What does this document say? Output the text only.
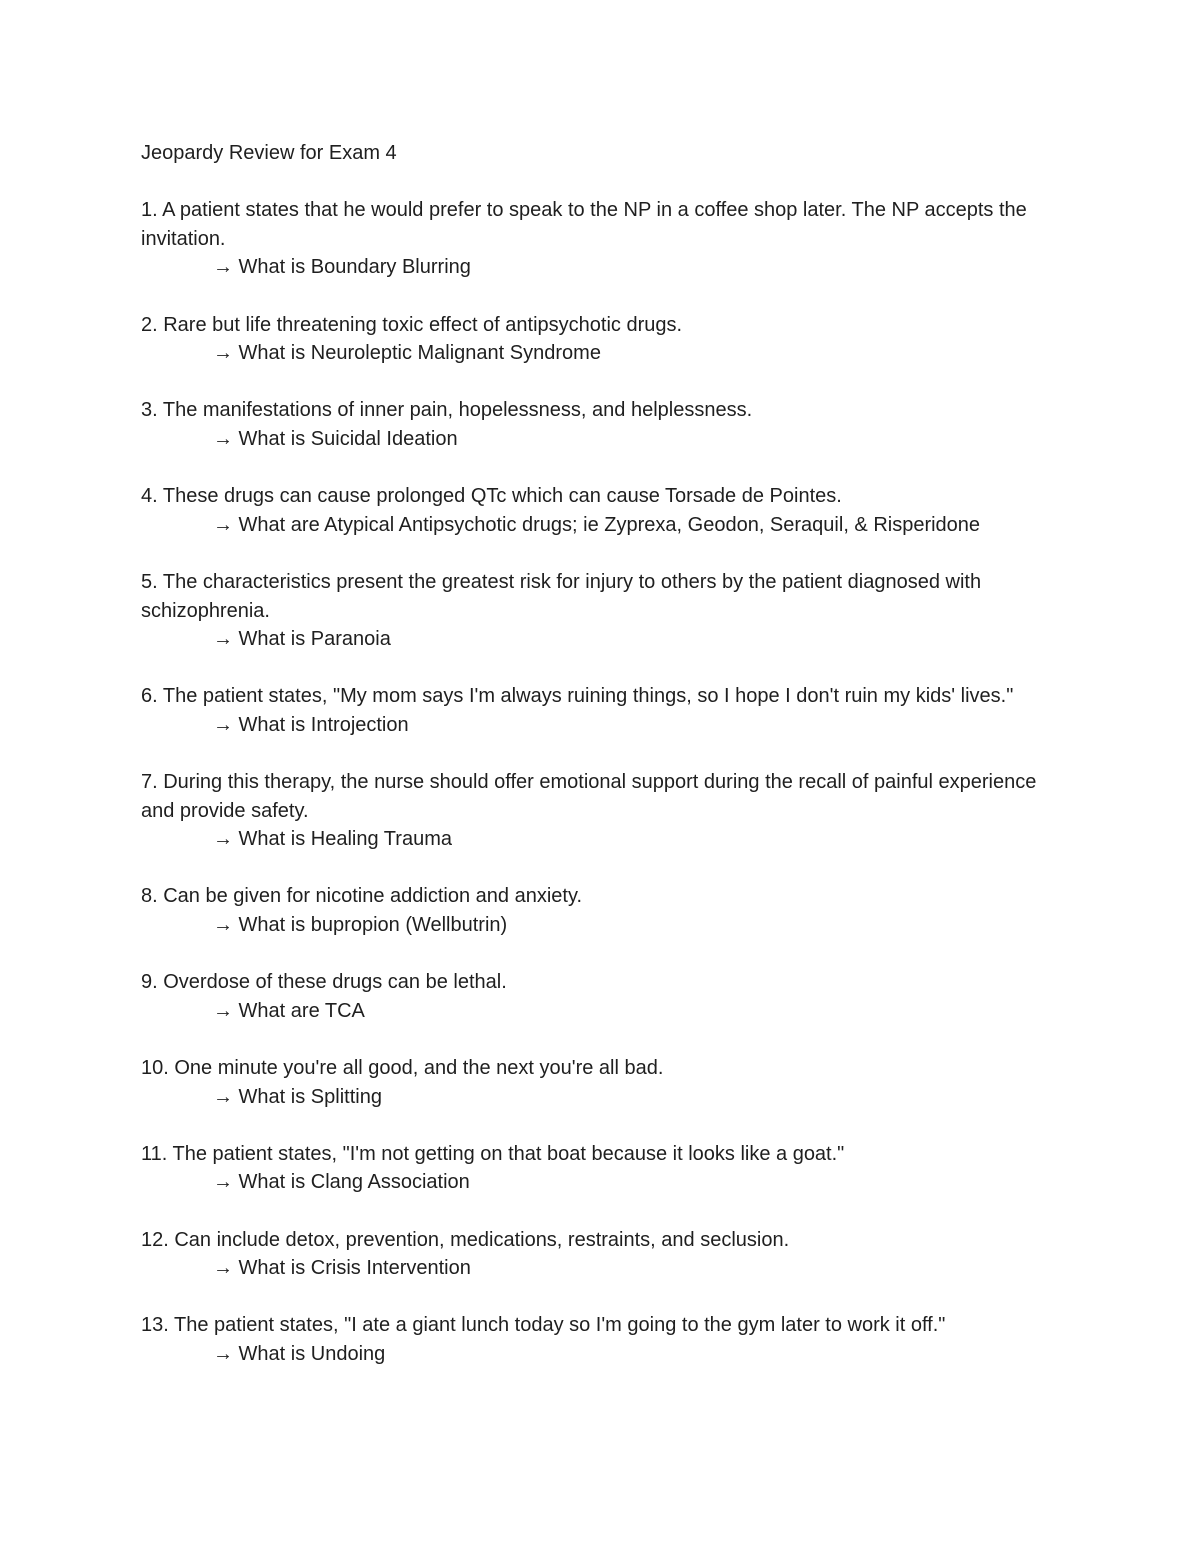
Jeopardy Review for Exam 4

1. A patient states that he would prefer to speak to the NP in a coffee shop later. The NP accepts the invitation.

→ What is Boundary Blurring

2. Rare but life threatening toxic effect of antipsychotic drugs.

→ What is Neuroleptic Malignant Syndrome

3. The manifestations of inner pain, hopelessness, and helplessness.

→ What is Suicidal Ideation

4. These drugs can cause prolonged QTc which can cause Torsade de Pointes.

→ What are Atypical Antipsychotic drugs; ie Zyprexa, Geodon, Seraquil, & Risperidone

5. The characteristics present the greatest risk for injury to others by the patient diagnosed with schizophrenia.

→ What is Paranoia

6. The patient states, "My mom says I'm always ruining things, so I hope I don't ruin my kids' lives."

→ What is Introjection

7. During this therapy, the nurse should offer emotional support during the recall of painful experience and provide safety.

→ What is Healing Trauma

8. Can be given for nicotine addiction and anxiety.

→ What is bupropion (Wellbutrin)

9. Overdose of these drugs can be lethal.

→ What are TCA

10. One minute you're all good, and the next you're all bad.

→ What is Splitting

11. The patient states, "I'm not getting on that boat because it looks like a goat."

→ What is Clang Association

12. Can include detox, prevention, medications, restraints, and seclusion.

→ What is Crisis Intervention

13. The patient states, "I ate a giant lunch today so I'm going to the gym later to work it off."

→ What is Undoing
